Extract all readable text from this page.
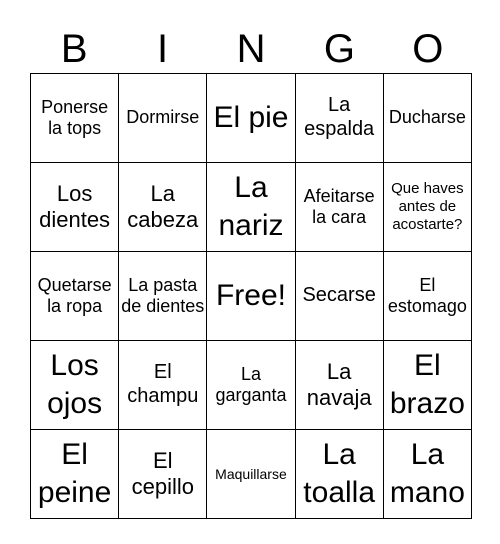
B	I	N	G	O
Ponerse la tops	Dormirse	El pie	La espalda	Ducharse
Los dientes	La cabeza	La nariz	Afeitarse la cara	Que haves antes de acostarte?
Quetarse la ropa	La pasta de dientes	Free!	Secarse	El estomago
Los ojos	El champu	La garganta	La navaja	El brazo
El peine	El cepillo	Maquillarse	La toalla	La mano
